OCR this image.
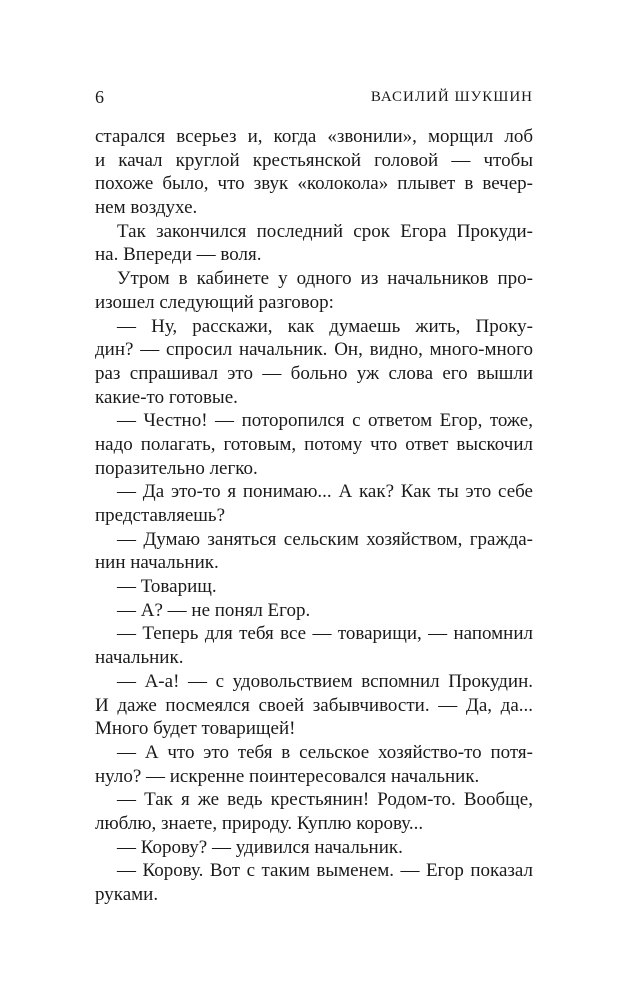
6	ВАСИЛИЙ ШУКШИН
старался всерьез и, когда «звонили», морщил лоб
и качал круглой крестьянской головой — чтобы
похоже было, что звук «колокола» плывет в вечер-
нем воздухе.
Так закончился последний срок Егора Прокуди-
на. Впереди — воля.
Утром в кабинете у одного из начальников про-
изошел следующий разговор:
— Ну, расскажи, как думаешь жить, Проку-
дин? — спросил начальник. Он, видно, много-много
раз спрашивал это — больно уж слова его вышли
какие-то готовые.
— Честно! — поторопился с ответом Егор, тоже,
надо полагать, готовым, потому что ответ выскочил
поразительно легко.
— Да это-то я понимаю... А как? Как ты это себе
представляешь?
— Думаю заняться сельским хозяйством, гражда-
нин начальник.
— Товарищ.
— А? — не понял Егор.
— Теперь для тебя все — товарищи, — напомнил
начальник.
— А-а! — с удовольствием вспомнил Прокудин.
И даже посмеялся своей забывчивости. — Да, да...
Много будет товарищей!
— А что это тебя в сельское хозяйство-то потя-
нуло? — искренне поинтересовался начальник.
— Так я же ведь крестьянин! Родом-то. Вообще,
люблю, знаете, природу. Куплю корову...
— Корову? — удивился начальник.
— Корову. Вот с таким выменем. — Егор показал
руками.
